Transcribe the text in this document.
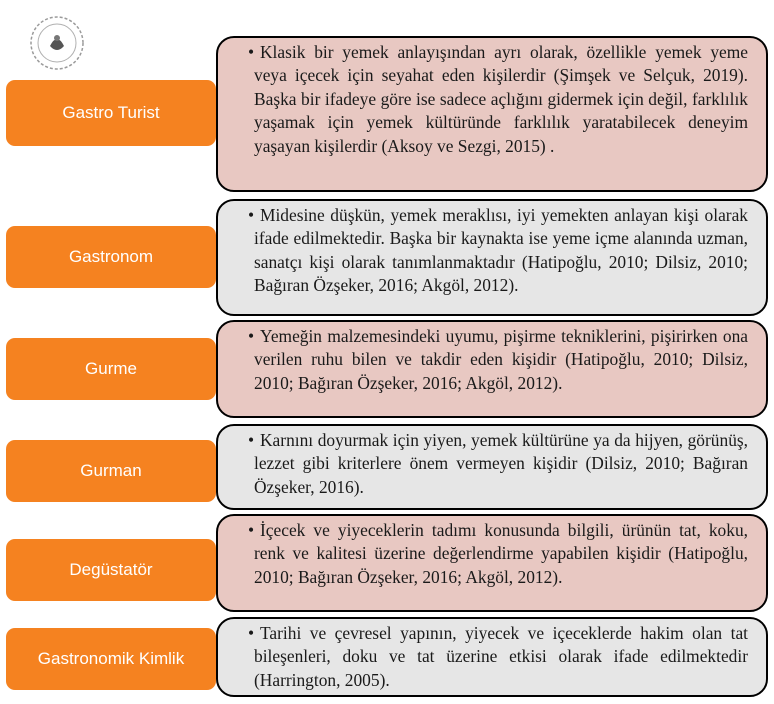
Gastro Turist
• Klasik bir yemek anlayışından ayrı olarak, özellikle yemek yeme veya içecek için seyahat eden kişilerdir (Şimşek ve Selçuk, 2019). Başka bir ifadeye göre ise sadece açlığını gidermek için değil, farklılık yaşamak için yemek kültüründe farklılık yaratabilecek deneyim yaşayan kişilerdir (Aksoy ve Sezgi, 2015) .

Gastronom
• Midesine düşkün, yemek meraklısı, iyi yemekten anlayan kişi olarak ifade edilmektedir. Başka bir kaynakta ise yeme içme alanında uzman, sanatçı kişi olarak tanımlanmaktadır (Hatipoğlu, 2010; Dilsiz, 2010; Bağıran Özşeker, 2016; Akgöl, 2012).

Gurme
• Yemeğin malzemesindeki uyumu, pişirme tekniklerini, pişirirken ona verilen ruhu bilen ve takdir eden kişidir (Hatipoğlu, 2010; Dilsiz, 2010; Bağıran Özşeker, 2016; Akgöl, 2012).

Gurman
• Karnını doyurmak için yiyen, yemek kültürüne ya da hijyen, görünüş, lezzet gibi kriterlere önem vermeyen kişidir (Dilsiz, 2010; Bağıran Özşeker, 2016).

Degüstatör
• İçecek ve yiyeceklerin tadımı konusunda bilgili, ürünün tat, koku, renk ve kalitesi üzerine değerlendirme yapabilen kişidir (Hatipoğlu, 2010; Bağıran Özşeker, 2016; Akgöl, 2012).

Gastronomik Kimlik
• Tarihi ve çevresel yapının, yiyecek ve içeceklerde hakim olan tat bileşenleri, doku ve tat üzerine etkisi olarak ifade edilmektedir (Harrington, 2005).
